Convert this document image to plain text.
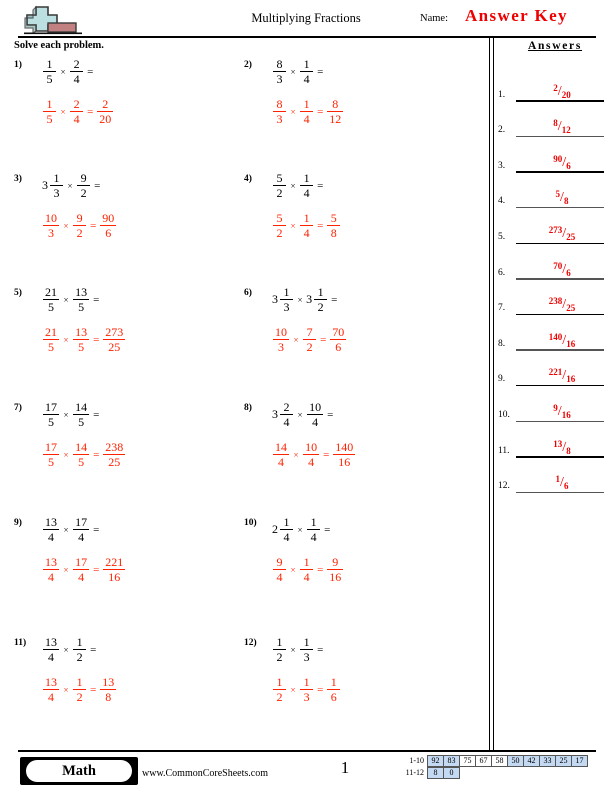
Multiplying Fractions	Name: Answer Key
Solve each problem.	Answers
$1) \frac{1}{5} \times \frac{2}{4}$ =
$\frac{1}{5} \times \frac{2}{4} = \frac{2}{20}$
$2) \frac{8}{3} \times \frac{1}{4}$ =
$\frac{8}{3} \times \frac{1}{4} = \frac{8}{12}$
3) $3 \frac{1}{3} \times \frac{9}{2}$ =
$\frac{10}{3} \times \frac{9}{2} = \frac{90}{6}$
$4) \frac{5}{2} \times \frac{1}{4}$ =
$\frac{5}{2} \times \frac{1}{4} = \frac{5}{8}$
$5) \frac{21}{5} \times \frac{13}{5}$ =
$\frac{21}{5} \times \frac{13}{5} = \frac{273}{25}$
6) $3 \frac{1}{3} \times 3 \frac{1}{2}$ =
$\frac{10}{3} \times \frac{7}{2} = \frac{70}{6}$
$7) \frac{17}{5} \times \frac{14}{5}$ =
$\frac{17}{5} \times \frac{14}{5} = \frac{238}{25}$
8) $3 \frac{2}{4} \times \frac{10}{4}$ =
$\frac{14}{4} \times \frac{10}{4} = \frac{140}{16}$
$9) \frac{13}{4} \times \frac{17}{4}$ =
$\frac{13}{4} \times \frac{17}{4} = \frac{221}{16}$
10) $2 \frac{1}{4} \times \frac{1}{4}$ =
$\frac{9}{4} \times \frac{1}{4} = \frac{9}{16}$
$11) \frac{13}{4} \times \frac{1}{2}$ =
$\frac{13}{4} \times \frac{1}{2} = \frac{13}{8}$
$12) \frac{1}{2} \times \frac{1}{3}$ =
$\frac{1}{2} \times \frac{1}{3} = \frac{1}{6}$
1.
2/20
2.
8/12
3.
90/6
4.
5/8
5.
273/25
6.
70/6
7.
238/25
8.
140/16
9.
221/16
10.
9/16
11.
13/8
12.
1/6
Math	www.CommonCoreSheets.com	1	1-10 92	83	75	67	58	50	42	33	25	17
11-12	8	0
